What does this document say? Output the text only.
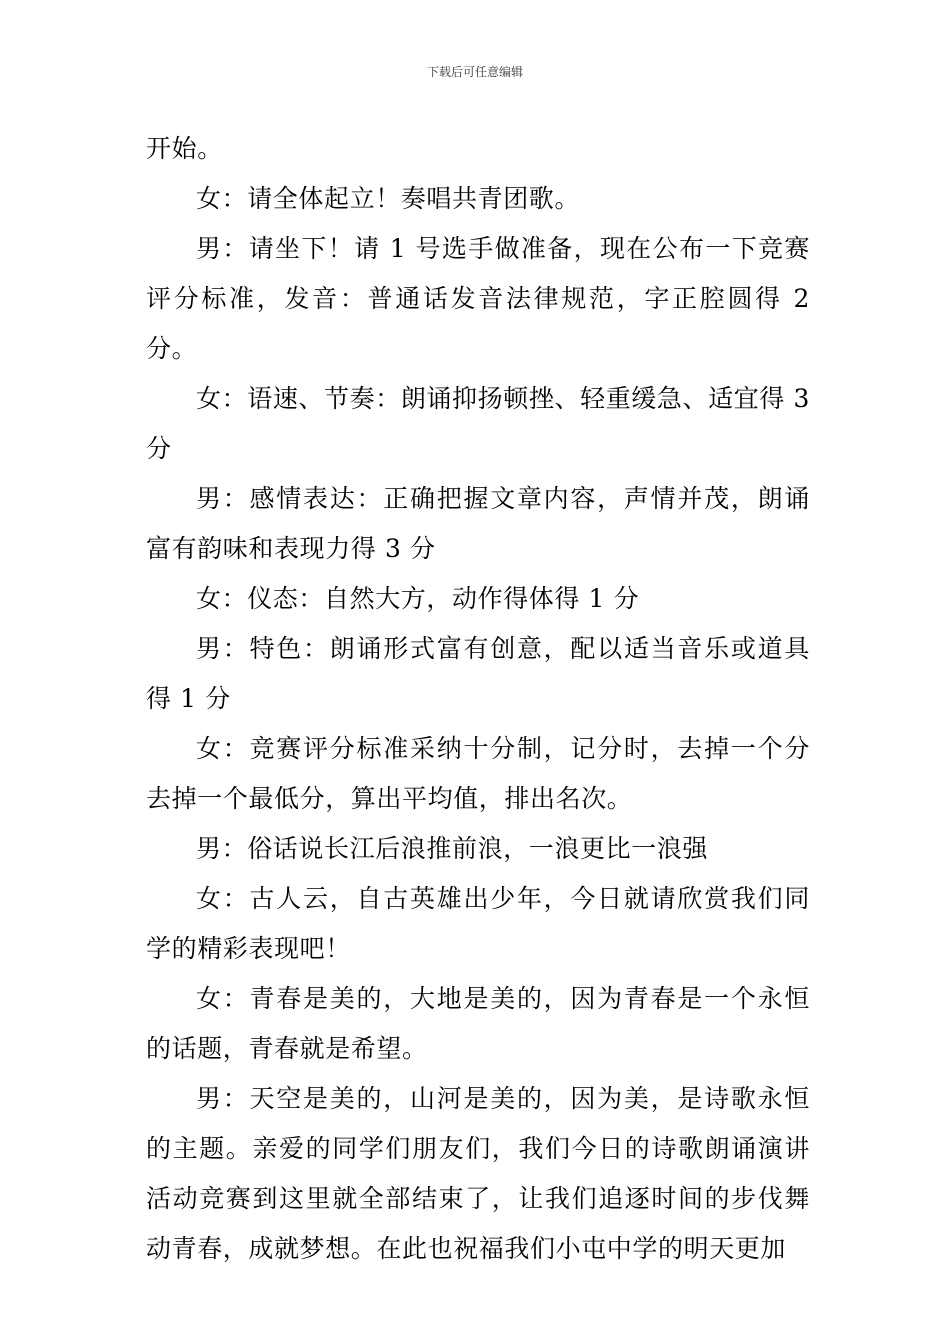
下载后可任意编辑

开始。

女：请全体起立！奏唱共青团歌。

男：请坐下！请 1 号选手做准备，现在公布一下竞赛评分标准，发音：普通话发音法律规范，字正腔圆得 2 分。

女：语速、节奏：朗诵抑扬顿挫、轻重缓急、适宜得 3 分

男：感情表达：正确把握文章内容，声情并茂，朗诵富有韵味和表现力得 3 分

女：仪态：自然大方，动作得体得 1 分

男：特色：朗诵形式富有创意，配以适当音乐或道具得 1 分

女：竞赛评分标准采纳十分制，记分时，去掉一个分去掉一个最低分，算出平均值，排出名次。

男：俗话说长江后浪推前浪，一浪更比一浪强

女：古人云，自古英雄出少年，今日就请欣赏我们同学的精彩表现吧！

女：青春是美的，大地是美的，因为青春是一个永恒的话题，青春就是希望。

男：天空是美的，山河是美的，因为美，是诗歌永恒的主题。亲爱的同学们朋友们，我们今日的诗歌朗诵演讲活动竞赛到这里就全部结束了，让我们追逐时间的步伐舞动青春，成就梦想。在此也祝福我们小屯中学的明天更加
